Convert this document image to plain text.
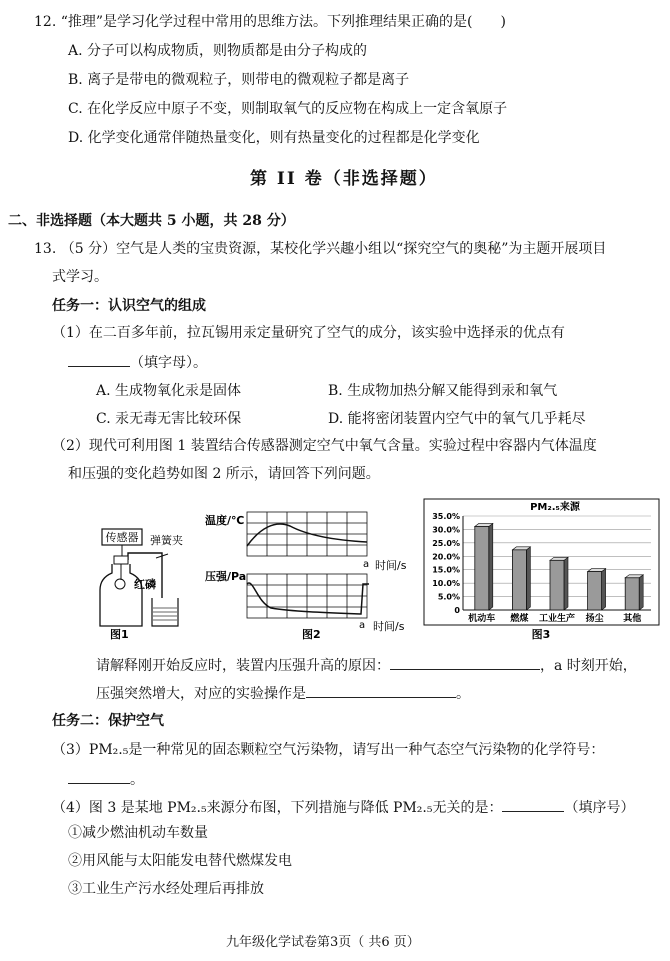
12. “推理”是学习化学过程中常用的思维方法。下列推理结果正确的是(　　)
A. 分子可以构成物质，则物质都是由分子构成的
B. 离子是带电的微观粒子，则带电的微观粒子都是离子
C. 在化学反应中原子不变，则制取氧气的反应物在构成上一定含氧原子
D. 化学变化通常伴随热量变化，则有热量变化的过程都是化学变化
第 II 卷（非选择题）
二、非选择题（本大题共 5 小题，共 28 分）
13. （5 分）空气是人类的宝贵资源，某校化学兴趣小组以“探究空气的奥秘”为主题开展项目
式学习。
任务一：认识空气的组成
（1）在二百多年前，拉瓦锡用汞定量研究了空气的成分，该实验中选择汞的优点有
（填字母）。
A. 生成物氧化汞是固体	B. 生成物加热分解又能得到汞和氧气
C. 汞无毒无害比较环保	D. 能将密闭装置内空气中的氧气几乎耗尽
（2）现代可利用图 1 装置结合传感器测定空气中氧气含量。实验过程中容器内气体温度
和压强的变化趋势如图 2 所示，请回答下列问题。
传感器 弹簧夹
红磷
图1
温度/℃
a 时间/s
压强/Pa
a 时间/s
图2
PM₂.₅来源
0
5.0%
10.0%
15.0%
20.0%
25.0%
30.0%
35.0%
机动车 燃煤 工业生产 扬尘 其他
图3
请解释刚开始反应时，装置内压强升高的原因：	，a 时刻开始，
压强突然增大，对应的实验操作是	。
任务二：保护空气
（3）PM₂.₅是一种常见的固态颗粒空气污染物，请写出一种气态空气污染物的化学符号：
。
（4）图 3 是某地 PM₂.₅来源分布图，下列措施与降低 PM₂.₅无关的是：	（填序号）
①减少燃油机动车数量
②用风能与太阳能发电替代燃煤发电
③工业生产污水经处理后再排放
九年级化学试卷第3页（ 共6 页）
